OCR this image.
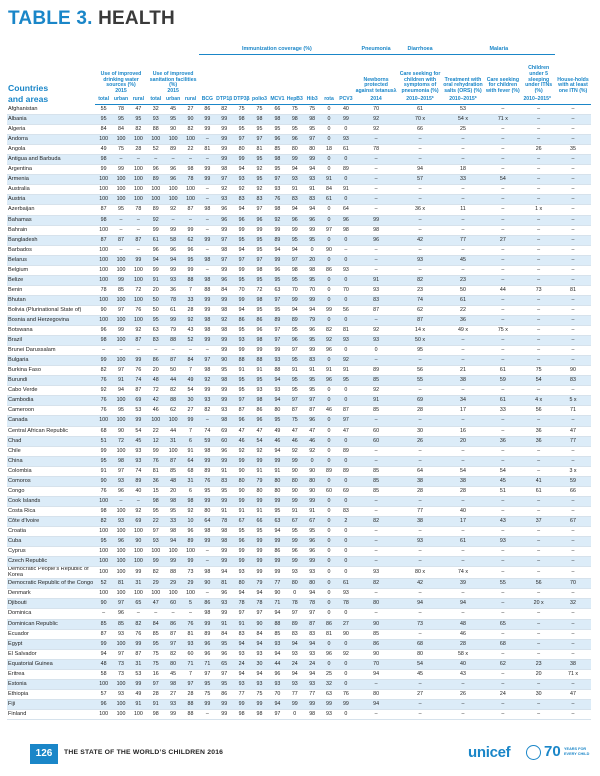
TABLE 3. HEALTH
							Immunization coverage (%)									Pneumonia	Diarrhoea	Malaria			
Countries
and areas	Use of improved drinking water sources (%)
2015			Use of improved sanitation facilities (%)
2015												Newborns protected against tetanusλ	Care seeking for children with symptoms of pneumonia (%)	Treatment with oral rehydration salts (ORS) (%)	Care seeking for children with fever (%)	Children under 5 sleeping under ITNs (%)	House-holds with at least one ITN (%)
	total	urban	rural	total	urban	rural	BCG	DTP1β	DTP3β	polio3	MCV1	HepB3	Hib3	rota	PCV3	2014	2010–2015*	2010–2015*	2010–2015*		
Afghanistan	55	78	47	32	45	27	86	82	75	75	66	75	75	0	40	70	61	53	–	–	–
Albania	95	95	95	93	95	90	99	99	98	98	98	98	98	0	99	92	70 x	54 x	71 x	–	–
Algeria	84	84	82	88	90	82	99	99	95	95	95	95	95	0	0	92	66	25	–	–	–
Andorra	100	100	100	100	100	100	–	99	97	97	96	96	97	0	93	–	–	–	–	–	–
Angola	49	75	28	52	89	22	81	99	80	81	85	80	80	18	61	78	–	–	–	26	35
Antigua and Barbuda	98	–	–	–	–	–	–	99	99	95	98	99	99	0	0	–	–	–	–	–	–
Argentina	99	99	100	96	96	98	99	98	94	92	95	94	94	0	89	–	94	18	–	–	–
Armenia	100	100	100	89	96	78	99	97	93	95	97	93	93	91	0	–	57	33	54	–	–
Australia	100	100	100	100	100	100	–	92	92	92	93	91	91	84	91	–	–	–	–	–	–
Austria	100	100	100	100	100	100	–	93	83	83	76	83	83	61	0	–	–	–	–	–	–
Azerbaijan	87	95	78	89	92	87	98	96	94	97	98	94	94	0	64	–	36 x	11	–	1 x	–
Bahamas	98	–	–	92	–	–	–	96	96	96	92	96	96	0	96	99	–	–	–	–	–
Bahrain	100	–	–	99	99	99	–	99	99	99	99	99	99	97	98	98	–	–	–	–	–
Bangladesh	87	87	87	61	58	62	99	97	95	95	89	95	95	0	0	96	42	77	27	–	–
Barbados	100	–	–	96	96	96	–	98	94	95	94	94	0	90	–	–	–	–	–	–	–
Belarus	100	100	99	94	94	95	98	97	97	97	99	97	20	0	0	–	93	45	–	–	–
Belgium	100	100	100	99	99	99	–	99	99	98	96	98	98	86	93	–	–	–	–	–	–
Belize	100	99	100	91	93	88	98	96	95	95	95	95	95	0	0	91	82	23	–	–	–
Benin	78	85	72	20	36	7	88	84	70	72	63	70	70	0	70	93	23	50	44	73	81
Bhutan	100	100	100	50	78	33	99	99	99	98	97	99	99	0	0	83	74	61	–	–	–
Bolivia (Plurinational State of)	90	97	76	50	61	28	99	98	94	95	95	94	94	99	56	87	62	22	–	–	–
Bosnia and Herzegovina	100	100	100	95	99	92	98	92	86	86	89	89	79	0	0	–	87	36	–	–	–
Botswana	96	99	92	63	79	43	98	98	95	96	97	95	96	82	81	92	14 x	49 x	75 x	–	–
Brazil	98	100	87	83	88	52	99	99	93	98	97	96	95	92	93	93	50 x	–	–	–	–
Brunei Darussalam	–	–	–	–	–	–	–	99	99	99	99	97	99	96	0	0	95	–	–	–	–
Bulgaria	99	100	99	86	87	84	97	90	88	88	93	95	83	0	92	–	–	–	–	–	–
Burkina Faso	82	97	76	20	50	7	98	95	91	91	88	91	91	91	91	89	56	21	61	75	90
Burundi	76	91	74	48	44	49	92	98	95	95	94	95	95	96	95	85	55	38	59	54	83
Cabo Verde	92	94	87	72	82	54	99	99	95	93	93	95	95	0	0	92	–	–	–	–	–
Cambodia	76	100	69	42	88	30	93	99	97	98	94	97	97	0	0	91	69	34	61	4 x	5 x
Cameroon	76	95	53	46	62	27	82	93	87	86	80	87	87	46	87	85	28	17	33	56	71
Canada	100	100	99	100	100	99	–	98	96	96	95	75	96	0	97	–	–	–	–	–	–
Central African Republic	68	90	54	22	44	7	74	69	47	47	49	47	47	0	47	60	30	16	–	36	47
Chad	51	72	45	12	31	6	59	60	46	54	46	46	46	0	0	60	26	20	36	36	77
Chile	99	100	93	99	100	91	98	96	92	92	94	92	92	0	89	–	–	–	–	–	–
China	95	98	93	76	87	64	99	99	99	99	99	99	0	0	0	–	–	–	–	–	–
Colombia	91	97	74	81	85	68	89	91	90	91	91	90	90	89	89	85	64	54	54	–	3 x
Comoros	90	93	89	36	48	31	76	83	80	79	80	80	80	0	0	85	38	38	45	41	59
Congo	76	96	40	15	20	6	95	95	90	80	80	90	90	60	69	85	28	28	51	61	66
Cook Islands	100	–	–	98	98	98	99	99	99	99	99	99	99	0	0	–	–	–	–	–	–
Costa Rica	98	100	92	95	95	92	80	91	91	91	95	91	91	0	83	–	77	40	–	–	–
Côte d'Ivoire	82	93	69	22	33	10	64	78	67	66	63	67	67	0	2	82	38	17	43	37	67
Croatia	100	100	100	97	98	96	98	98	95	95	94	95	95	0	0	–	–	–	–	–	–
Cuba	95	96	90	93	94	89	99	98	96	99	99	99	96	0	0	–	93	61	93	–	–
Cyprus	100	100	100	100	100	100	–	99	99	99	86	96	96	0	0	–	–	–	–	–	–
Czech Republic	100	100	100	99	99	99	–	99	99	99	99	99	99	0	0	–	–	–	–	–	–
Democratic People's Republic of Korea	100	100	99	82	88	73	98	94	93	99	99	93	93	0	0	93	80 x	74 x	–	–	–
Democratic Republic of the Congo	52	81	31	29	29	29	90	81	80	79	77	80	80	0	61	82	42	39	55	56	70
Denmark	100	100	100	100	100	100	–	96	94	94	90	0	94	0	93	–	–	–	–	–	–
Djibouti	90	97	65	47	60	5	86	93	78	78	71	78	78	0	78	80	94	94	–	20 x	32
Dominica	–	96	–	–	–	–	98	99	97	97	94	97	97	0	0	–	–	–	–	–	–
Dominican Republic	85	85	82	84	86	76	99	91	91	90	88	89	87	86	27	90	73	48	65	–	–
Ecuador	87	93	76	85	87	81	89	84	83	84	85	83	83	81	90	85	–	46	–	–	–
Egypt	99	100	99	95	97	93	96	95	94	94	93	94	94	0	0	86	68	28	68	–	–
El Salvador	94	97	87	75	82	60	96	96	93	93	94	93	93	96	92	90	80	58 x	–	–	–
Equatorial Guinea	48	73	31	75	80	71	71	65	24	30	44	24	24	0	0	70	54	40	62	23	38
Eritrea	58	73	53	16	45	7	97	97	94	94	96	94	94	25	0	94	45	43	–	20	71 x
Estonia	100	100	99	97	98	97	95	95	93	93	93	93	93	32	0	–	–	–	–	–	–
Ethiopia	57	93	49	28	27	28	75	86	77	75	70	77	77	63	76	80	27	26	24	30	47
Fiji	96	100	91	91	93	88	99	99	99	99	94	99	99	99	99	94	–	–	–	–	–
Finland	100	100	100	98	99	88	–	99	98	98	97	0	98	93	0	–	–	–	–	–	–
126	THE STATE OF THE WORLD’S CHILDREN 2016	unicef 70 YEARS FOR EVERY CHILD
